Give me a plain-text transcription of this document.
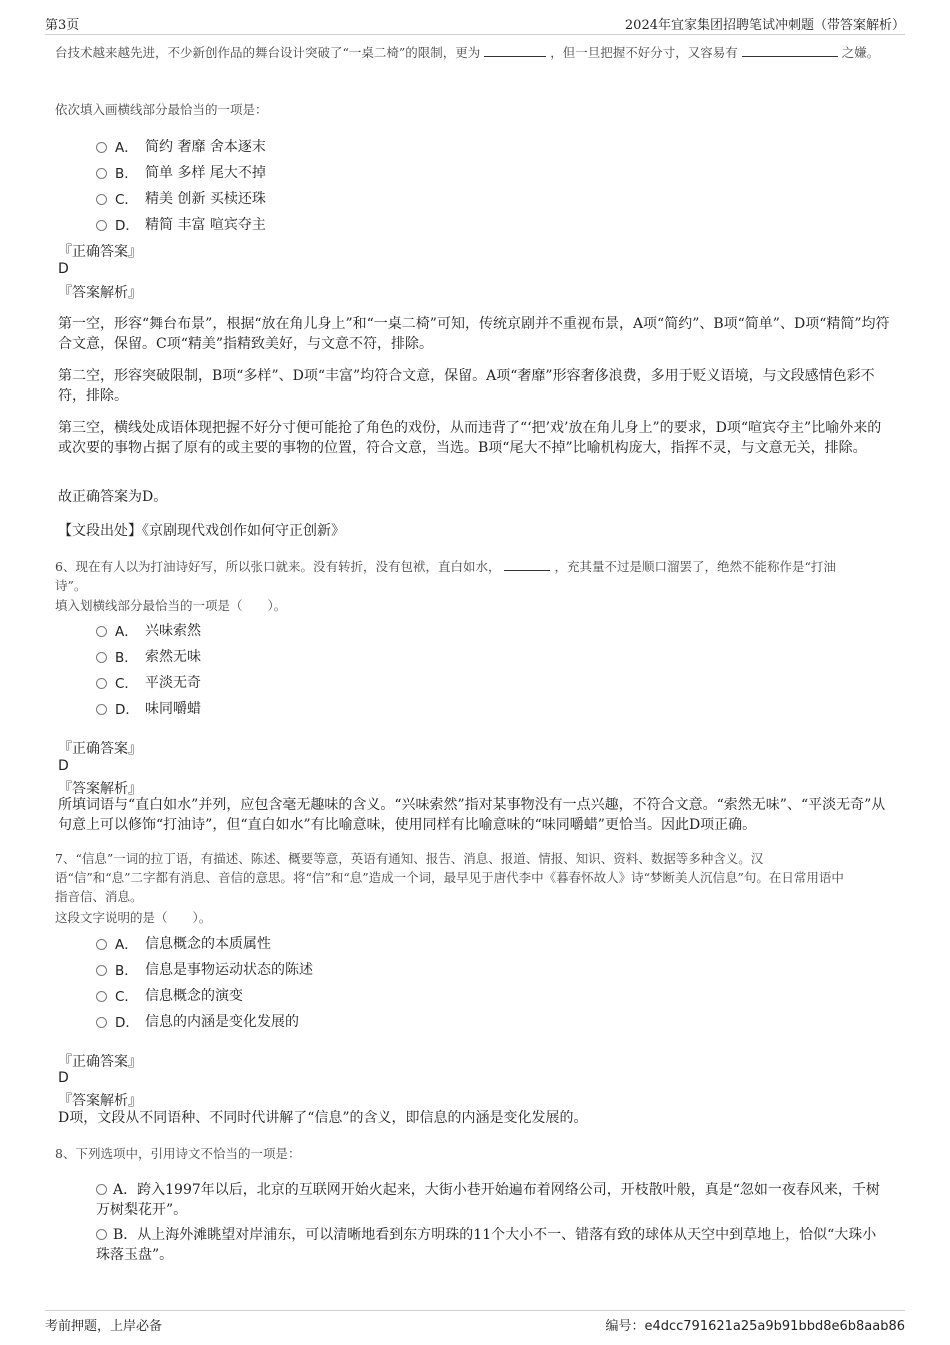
第3页	2024年宜家集团招聘笔试冲刺题（带答案解析）
台技术越来越先进，不少新创作品的舞台设计突破了“一桌二椅”的限制，更为	，但一旦把握不好分寸，又容易有	之嫌。
依次填入画横线部分最恰当的一项是：
A． 简约 奢靡 舍本逐末
B． 简单 多样 尾大不掉
C． 精美 创新 买椟还珠
D． 精简 丰富 喧宾夺主
『正确答案』
D
『答案解析』
第一空，形容“舞台布景”，根据“放在角儿身上”和“一桌二椅”可知，传统京剧并不重视布景，A项“简约”、B项“简单”、D项“精简”均符合文意，保留。C项“精美”指精致美好，与文意不符，排除。
第二空，形容突破限制，B项“多样”、D项“丰富”均符合文意，保留。A项“奢靡”形容奢侈浪费，多用于贬义语境，与文段感情色彩不符，排除。
第三空，横线处成语体现把握不好分寸便可能抢了角色的戏份，从而违背了“‘把’戏’放在角儿身上”的要求，D项“喧宾夺主”比喻外来的或次要的事物占据了原有的或主要的事物的位置，符合文意，当选。B项“尾大不掉”比喻机构庞大，指挥不灵，与文意无关，排除。
故正确答案为D。
【文段出处】《京剧现代戏创作如何守正创新》
6、现在有人以为打油诗好写，所以张口就来。没有转折，没有包袱，直白如水，	，充其量不过是顺口溜罢了，绝然不能称作是“打油
诗”。
填入划横线部分最恰当的一项是（　　）。
A． 兴味索然
B． 索然无味
C． 平淡无奇
D． 味同嚼蜡
『正确答案』
D
『答案解析』
所填词语与“直白如水”并列，应包含毫无趣味的含义。“兴味索然”指对某事物没有一点兴趣，不符合文意。“索然无味”、“平淡无奇”从句意上可以修饰“打油诗”，但“直白如水”有比喻意味，使用同样有比喻意味的“味同嚼蜡”更恰当。因此D项正确。
7、“信息”一词的拉丁语，有描述、陈述、概要等意，英语有通知、报告、消息、报道、情报、知识、资料、数据等多种含义。汉
语“信”和“息”二字都有消息、音信的意思。将“信”和“息”造成一个词，最早见于唐代李中《暮春怀故人》诗“梦断美人沉信息”句。在日常用语中
指音信、消息。
这段文字说明的是（　　）。
A． 信息概念的本质属性
B． 信息是事物运动状态的陈述
C． 信息概念的演变
D． 信息的内涵是变化发展的
『正确答案』
D
『答案解析』
D项，文段从不同语种、不同时代讲解了“信息”的含义，即信息的内涵是变化发展的。
8、下列选项中，引用诗文不恰当的一项是：
A．跨入1997年以后，北京的互联网开始火起来，大街小巷开始遍布着网络公司，开枝散叶般，真是“忽如一夜春风来，千树万树梨花开”。
B．从上海外滩眺望对岸浦东，可以清晰地看到东方明珠的11个大小不一、错落有致的球体从天空中到草地上，恰似“大珠小珠落玉盘”。
考前押题，上岸必备	编号：e4dcc791621a25a9b91bbd8e6b8aab86
